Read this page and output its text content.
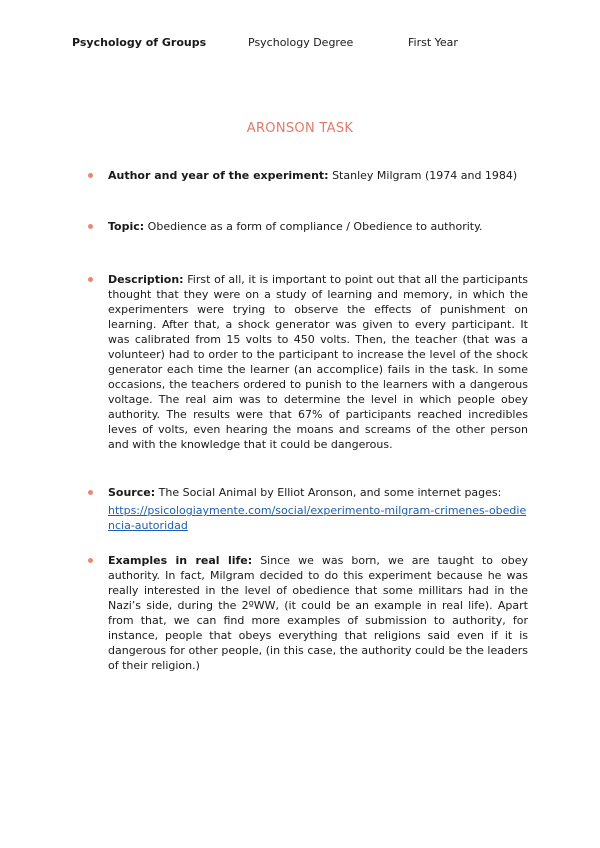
Psychology of Groups	Psychology Degree	First Year
ARONSON TASK
Author and year of the experiment: Stanley Milgram (1974 and 1984)
Topic: Obedience as a form of compliance / Obedience to authority.
Description: First of all, it is important to point out that all the participants thought that they were on a study of learning and memory, in which the experimenters were trying to observe the effects of punishment on learning. After that, a shock generator was given to every participant. It was calibrated from 15 volts to 450 volts. Then, the teacher (that was a volunteer) had to order to the participant to increase the level of the shock generator each time the learner (an accomplice) fails in the task. In some occasions, the teachers ordered to punish to the learners with a dangerous voltage. The real aim was to determine the level in which people obey authority. The results were that 67% of participants reached incredibles leves of volts, even hearing the moans and screams of the other person and with the knowledge that it could be dangerous.
Source: The Social Animal by Elliot Aronson, and some internet pages:
https://psicologiaymente.com/social/experimento-milgram-crimenes-obediencia-autoridad
Examples in real life: Since we was born, we are taught to obey authority. In fact, Milgram decided to do this experiment because he was really interested in the level of obedience that some millitars had in the Nazi’s side, during the 2ºWW, (it could be an example in real life). Apart from that, we can find more examples of submission to authority, for instance, people that obeys everything that religions said even if it is dangerous for other people, (in this case, the authority could be the leaders of their religion.)
